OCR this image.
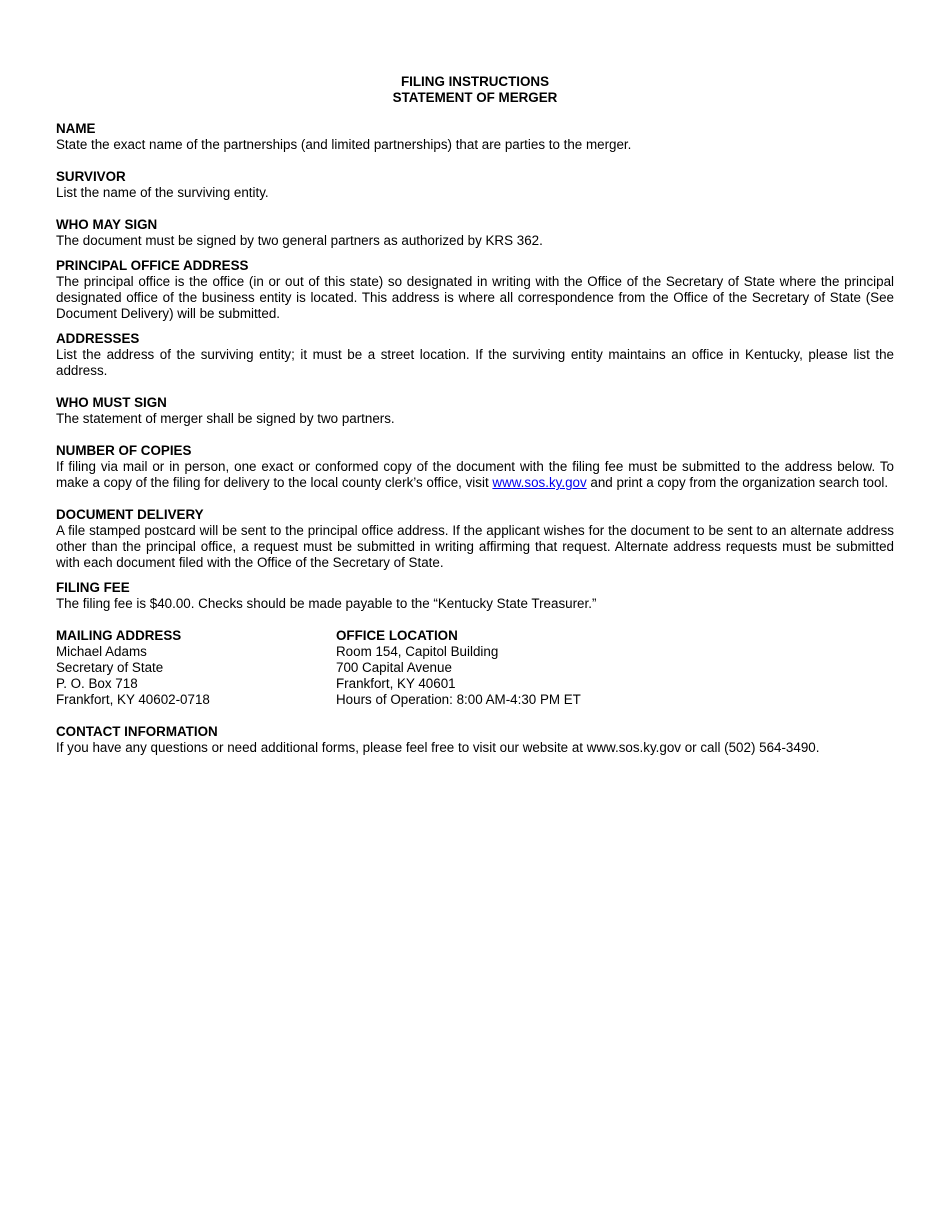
FILING INSTRUCTIONS
STATEMENT OF MERGER
NAME
State the exact name of the partnerships (and limited partnerships) that are parties to the merger.
SURVIVOR
List the name of the surviving entity.
WHO MAY SIGN
The document must be signed by two general partners as authorized by KRS 362.
PRINCIPAL OFFICE ADDRESS
The principal office is the office (in or out of this state) so designated in writing with the Office of the Secretary of State where the principal designated office of the business entity is located. This address is where all correspondence from the Office of the Secretary of State (See Document Delivery) will be submitted.
ADDRESSES
List the address of the surviving entity; it must be a street location. If the surviving entity maintains an office in Kentucky, please list the address.
WHO MUST SIGN
The statement of merger shall be signed by two partners.
NUMBER OF COPIES
If filing via mail or in person, one exact or conformed copy of the document with the filing fee must be submitted to the address below. To make a copy of the filing for delivery to the local county clerk’s office, visit www.sos.ky.gov and print a copy from the organization search tool.
DOCUMENT DELIVERY
A file stamped postcard will be sent to the principal office address. If the applicant wishes for the document to be sent to an alternate address other than the principal office, a request must be submitted in writing affirming that request. Alternate address requests must be submitted with each document filed with the Office of the Secretary of State.
FILING FEE
The filing fee is $40.00. Checks should be made payable to the “Kentucky State Treasurer.”
MAILING ADDRESS
Michael Adams
Secretary of State
P. O. Box 718
Frankfort, KY 40602-0718
OFFICE LOCATION
Room 154, Capitol Building
700 Capital Avenue
Frankfort, KY 40601
Hours of Operation: 8:00 AM-4:30 PM ET
CONTACT INFORMATION
If you have any questions or need additional forms, please feel free to visit our website at www.sos.ky.gov or call (502) 564-3490.
